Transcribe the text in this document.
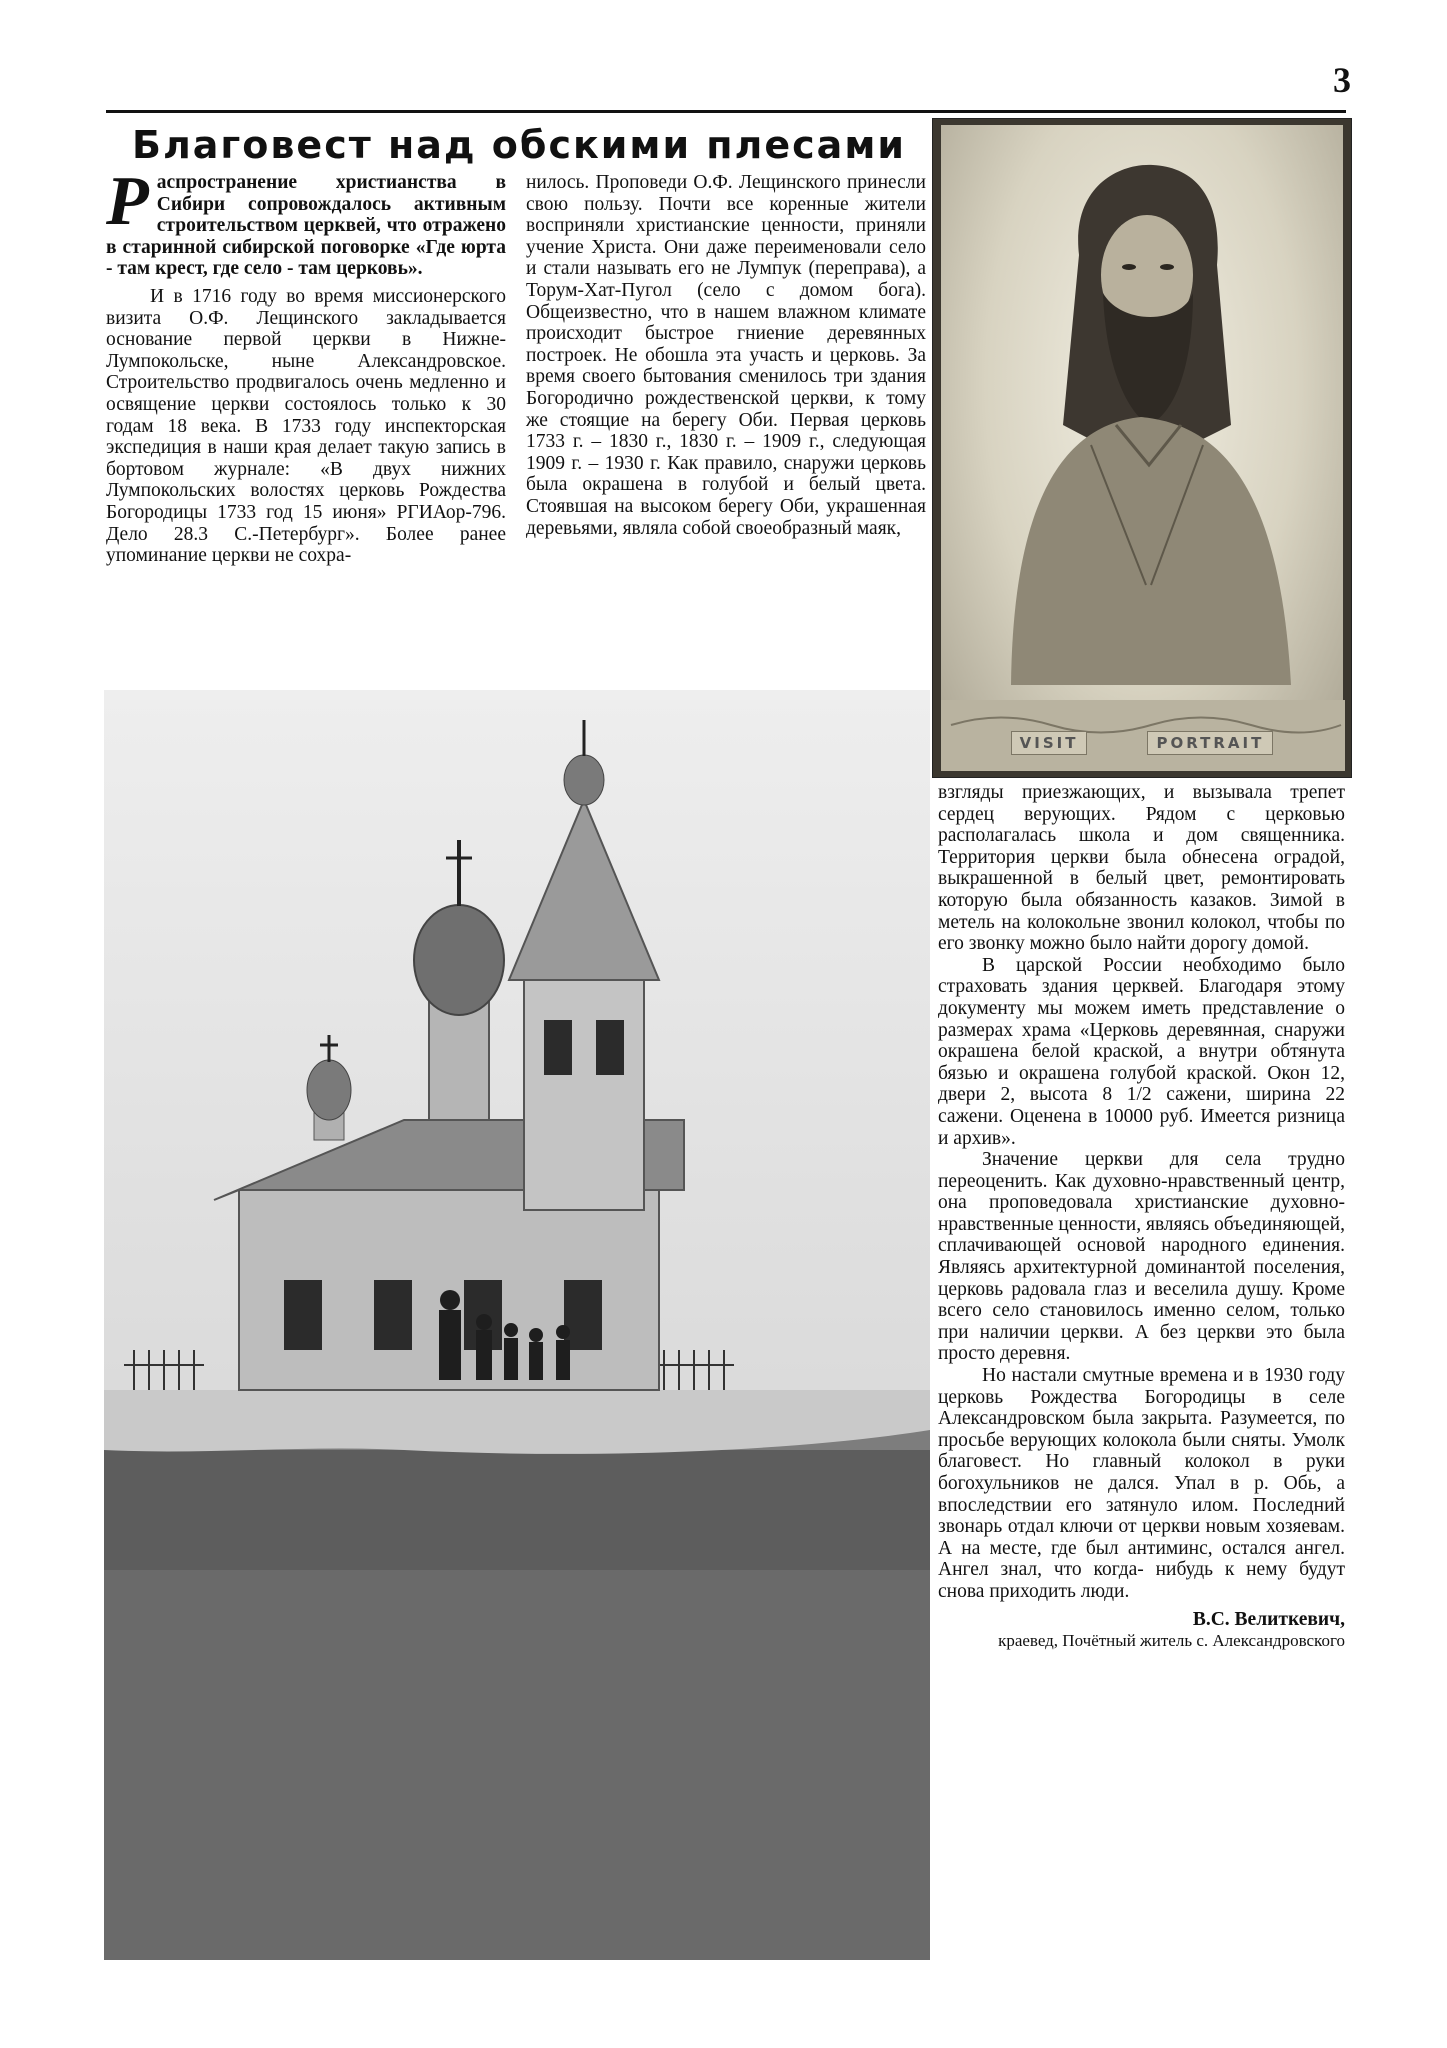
3
Благовест над обскими плесами

Распространение христианства в Сибири сопровождалось активным строительством церквей, что отражено в старинной сибирской поговорке «Где юрта - там крест, где село - там церковь».

И в 1716 году во время миссионерского визита О.Ф. Лещинского закладывается основание первой церкви в Нижне-Лумпокольске, ныне Александровское. Строительство продвигалось очень медленно и освящение церкви состоялось только к 30 годам 18 века. В 1733 году инспекторская экспедиция в наши края делает такую запись в бортовом журнале: «В двух нижних Лумпокольских волостях церковь Рождества Богородицы 1733 год 15 июня» РГИАор-796. Дело 28.3 С.-Петербург». Более ранее упоминание церкви не сохра-

нилось. Проповеди О.Ф. Лещинского принесли свою пользу. Почти все коренные жители восприняли христианские ценности, приняли учение Христа. Они даже переименовали село и стали называть его не Лумпук (переправа), а Торум-Хат-Пугол (село с домом бога). Общеизвестно, что в нашем влажном климате происходит быстрое гниение деревянных построек. Не обошла эта участь и церковь. За время своего бытования сменилось три здания Богородично рождественской церкви, к тому же стоящие на берегу Оби. Первая церковь 1733 г. – 1830 г., 1830 г. – 1909 г., следующая 1909 г. – 1930 г. Как правило, снаружи церковь была окрашена в голубой и белый цвета. Стоявшая на высоком берегу Оби, украшенная деревьями, являла собой своеобразный маяк,

VISIT	PORTRAIT

взгляды приезжающих, и вызывала трепет сердец верующих. Рядом с церковью располагалась школа и дом священника. Территория церкви была обнесена оградой, выкрашенной в белый цвет, ремонтировать которую была обязанность казаков. Зимой в метель на колокольне звонил колокол, чтобы по его звонку можно было найти дорогу домой.

В царской России необходимо было страховать здания церквей. Благодаря этому документу мы можем иметь представление о размерах храма «Церковь деревянная, снаружи окрашена белой краской, а внутри обтянута бязью и окрашена голубой краской. Окон 12, двери 2, высота 8 1/2 сажени, ширина 22 сажени. Оценена в 10000 руб. Имеется ризница и архив».

Значение церкви для села трудно переоценить. Как духовно-нравственный центр, она проповедовала христианские духовно-нравственные ценности, являясь объединяющей, сплачивающей основой народного единения. Являясь архитектурной доминантой поселения, церковь радовала глаз и веселила душу. Кроме всего село становилось именно селом, только при наличии церкви. А без церкви это была просто деревня.

Но настали смутные времена и в 1930 году церковь Рождества Богородицы в селе Александровском была закрыта. Разумеется, по просьбе верующих колокола были сняты. Умолк благовест. Но главный колокол в руки богохульников не дался. Упал в р. Обь, а впоследствии его затянуло илом. Последний звонарь отдал ключи от церкви новым хозяевам. А на месте, где был антиминс, остался ангел. Ангел знал, что когда- нибудь к нему будут снова приходить люди.

В.С. Велиткевич,

краевед, Почётный житель с. Александровского
